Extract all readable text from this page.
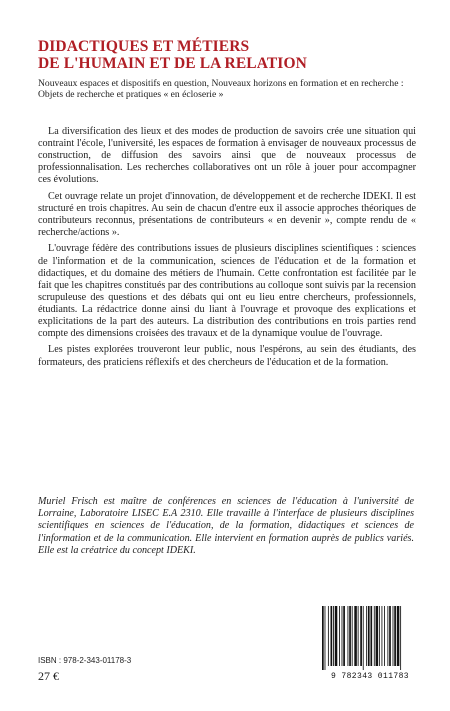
DIDACTIQUES ET MÉTIERS
DE L'HUMAIN ET DE LA RELATION

Nouveaux espaces et dispositifs en question, Nouveaux horizons en formation et en recherche :
Objets de recherche et pratiques « en écloserie »

La diversification des lieux et des modes de production de savoirs crée une situation qui contraint l'école, l'université, les espaces de formation à envisager de nouveaux processus de construction, de diffusion des savoirs ainsi que de nouveaux processus de professionnalisation. Les recherches collaboratives ont un rôle à jouer pour accompagner ces évolutions.

Cet ouvrage relate un projet d'innovation, de développement et de recherche IDEKI. Il est structuré en trois chapitres. Au sein de chacun d'entre eux il associe approches théoriques de contributeurs reconnus, présentations de contributeurs « en devenir », compte rendu de « recherche/actions ».

L'ouvrage fédère des contributions issues de plusieurs disciplines scientifiques : sciences de l'information et de la communication, sciences de l'éducation et de la formation et didactiques, et du domaine des métiers de l'humain. Cette confrontation est facilitée par le fait que les chapitres constitués par des contributions au colloque sont suivis par la recension scrupuleuse des questions et des débats qui ont eu lieu entre chercheurs, professionnels, étudiants. La rédactrice donne ainsi du liant à l'ouvrage et provoque des explications et explicitations de la part des auteurs. La distribution des contributions en trois parties rend compte des dimensions croisées des travaux et de la dynamique voulue de l'ouvrage.

Les pistes explorées trouveront leur public, nous l'espérons, au sein des étudiants, des formateurs, des praticiens réflexifs et des chercheurs de l'éducation et de la formation.

Muriel Frisch est maître de conférences en sciences de l'éducation à l'université de Lorraine, Laboratoire LISEC E.A 2310. Elle travaille à l'interface de plusieurs disciplines scientifiques en sciences de l'éducation, de la formation, didactiques et sciences de l'information et de la communication. Elle intervient en formation auprès de publics variés. Elle est la créatrice du concept IDEKI.

ISBN : 978-2-343-01178-3

27 €	9 782343 011783
